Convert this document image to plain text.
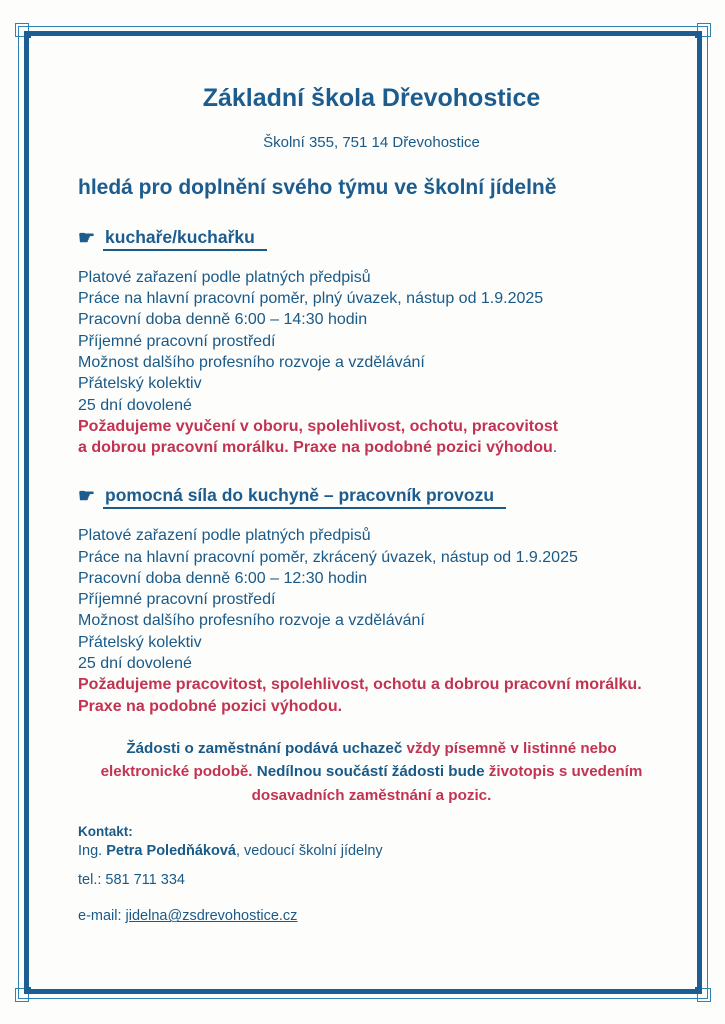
Základní škola Dřevohostice
Školní 355, 751 14 Dřevohostice
hledá pro doplnění svého týmu ve školní jídelně
☛ kuchaře/kuchařku
Platové zařazení podle platných předpisů
Práce na hlavní pracovní poměr, plný úvazek, nástup od 1.9.2025
Pracovní doba denně 6:00 – 14:30 hodin
Příjemné pracovní prostředí
Možnost dalšího profesního rozvoje a vzdělávání
Přátelský kolektiv
25 dní dovolené
Požadujeme vyučení v oboru, spolehlivost, ochotu, pracovitost
a dobrou pracovní morálku. Praxe na podobné pozici výhodou.
☛ pomocná síla do kuchyně – pracovník provozu
Platové zařazení podle platných předpisů
Práce na hlavní pracovní poměr, zkrácený úvazek, nástup od 1.9.2025
Pracovní doba denně 6:00 – 12:30 hodin
Příjemné pracovní prostředí
Možnost dalšího profesního rozvoje a vzdělávání
Přátelský kolektiv
25 dní dovolené
Požadujeme pracovitost, spolehlivost, ochotu a dobrou pracovní morálku.
Praxe na podobné pozici výhodou.

Žádosti o zaměstnání podává uchazeč vždy písemně v listinné nebo
elektronické podobě. Nedílnou součástí žádosti bude životopis s uvedením
dosavadních zaměstnání a pozic.

Kontakt:
Ing. Petra Poledňáková, vedoucí školní jídelny
tel.: 581 711 334
e-mail: jidelna@zsdrevohostice.cz
